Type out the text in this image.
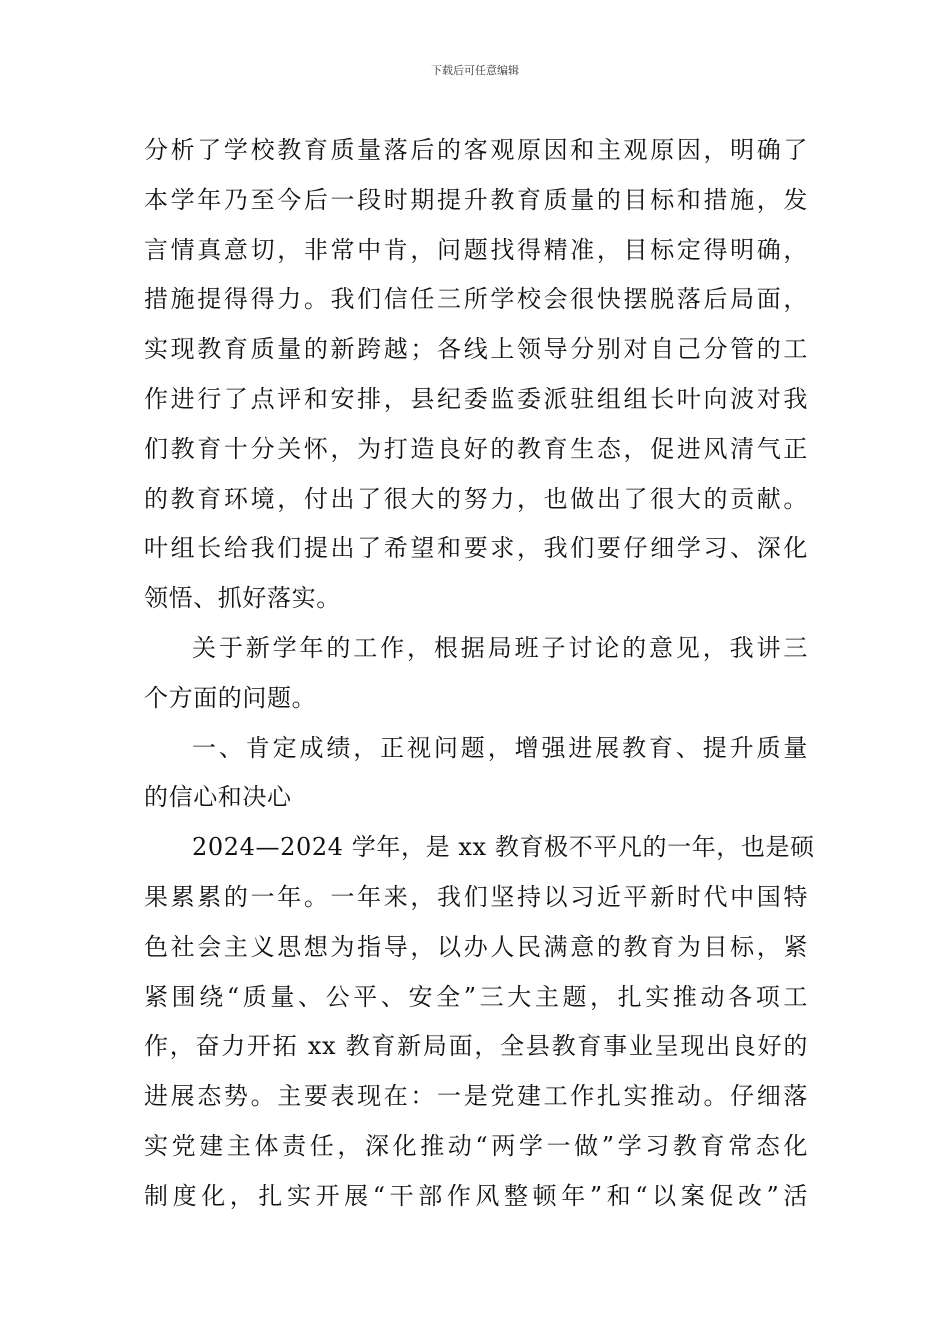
下载后可任意编辑
分析了学校教育质量落后的客观原因和主观原因，明确了
本学年乃至今后一段时期提升教育质量的目标和措施，发
言情真意切，非常中肯，问题找得精准，目标定得明确，
措施提得得力。我们信任三所学校会很快摆脱落后局面，
实现教育质量的新跨越；各线上领导分别对自己分管的工
作进行了点评和安排，县纪委监委派驻组组长叶向波对我
们教育十分关怀，为打造良好的教育生态，促进风清气正
的教育环境，付出了很大的努力，也做出了很大的贡献。
叶组长给我们提出了希望和要求，我们要仔细学习、深化
领悟、抓好落实。
关于新学年的工作，根据局班子讨论的意见，我讲三
个方面的问题。
一、肯定成绩，正视问题，增强进展教育、提升质量
的信心和决心
2024—2024 学年，是 xx 教育极不平凡的一年，也是硕
果累累的一年。一年来，我们坚持以习近平新时代中国特
色社会主义思想为指导，以办人民满意的教育为目标，紧
紧围绕“质量、公平、安全”三大主题，扎实推动各项工
作，奋力开拓 xx 教育新局面，全县教育事业呈现出良好的
进展态势。主要表现在：一是党建工作扎实推动。仔细落
实党建主体责任，深化推动“两学一做”学习教育常态化
制度化，扎实开展“干部作风整顿年”和“以案促改”活
